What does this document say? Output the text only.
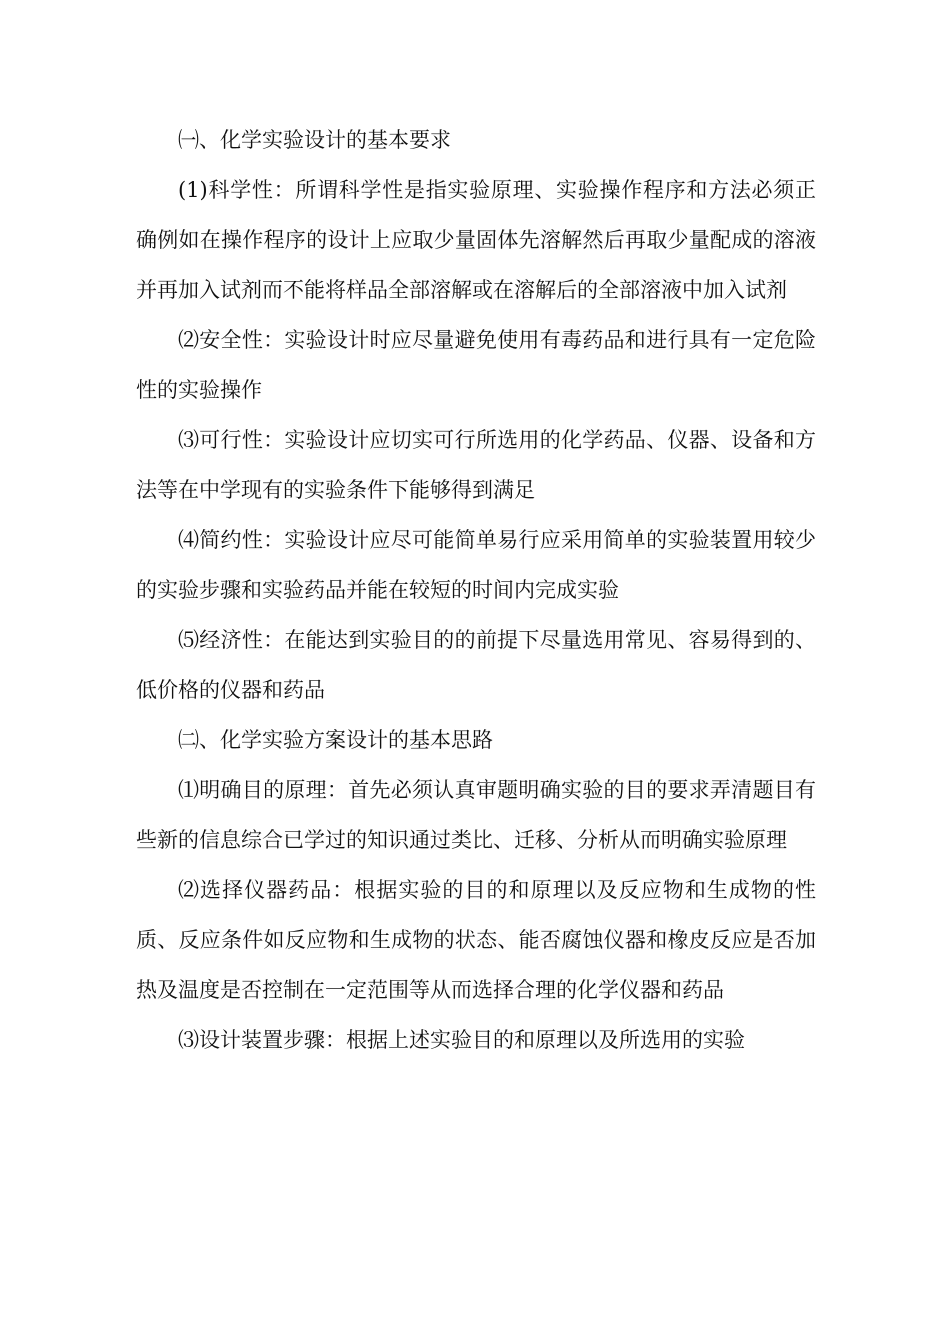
㈠、化学实验设计的基本要求

(1)科学性：所谓科学性是指实验原理、实验操作程序和方法必须正确例如在操作程序的设计上应取少量固体先溶解然后再取少量配成的溶液并再加入试剂而不能将样品全部溶解或在溶解后的全部溶液中加入试剂

⑵安全性：实验设计时应尽量避免使用有毒药品和进行具有一定危险性的实验操作

⑶可行性：实验设计应切实可行所选用的化学药品、仪器、设备和方法等在中学现有的实验条件下能够得到满足

⑷简约性：实验设计应尽可能简单易行应采用简单的实验装置用较少的实验步骤和实验药品并能在较短的时间内完成实验

⑸经济性：在能达到实验目的的前提下尽量选用常见、容易得到的、低价格的仪器和药品

㈡、化学实验方案设计的基本思路

⑴明确目的原理：首先必须认真审题明确实验的目的要求弄清题目有些新的信息综合已学过的知识通过类比、迁移、分析从而明确实验原理

⑵选择仪器药品：根据实验的目的和原理以及反应物和生成物的性质、反应条件如反应物和生成物的状态、能否腐蚀仪器和橡皮反应是否加热及温度是否控制在一定范围等从而选择合理的化学仪器和药品

⑶设计装置步骤：根据上述实验目的和原理以及所选用的实验
